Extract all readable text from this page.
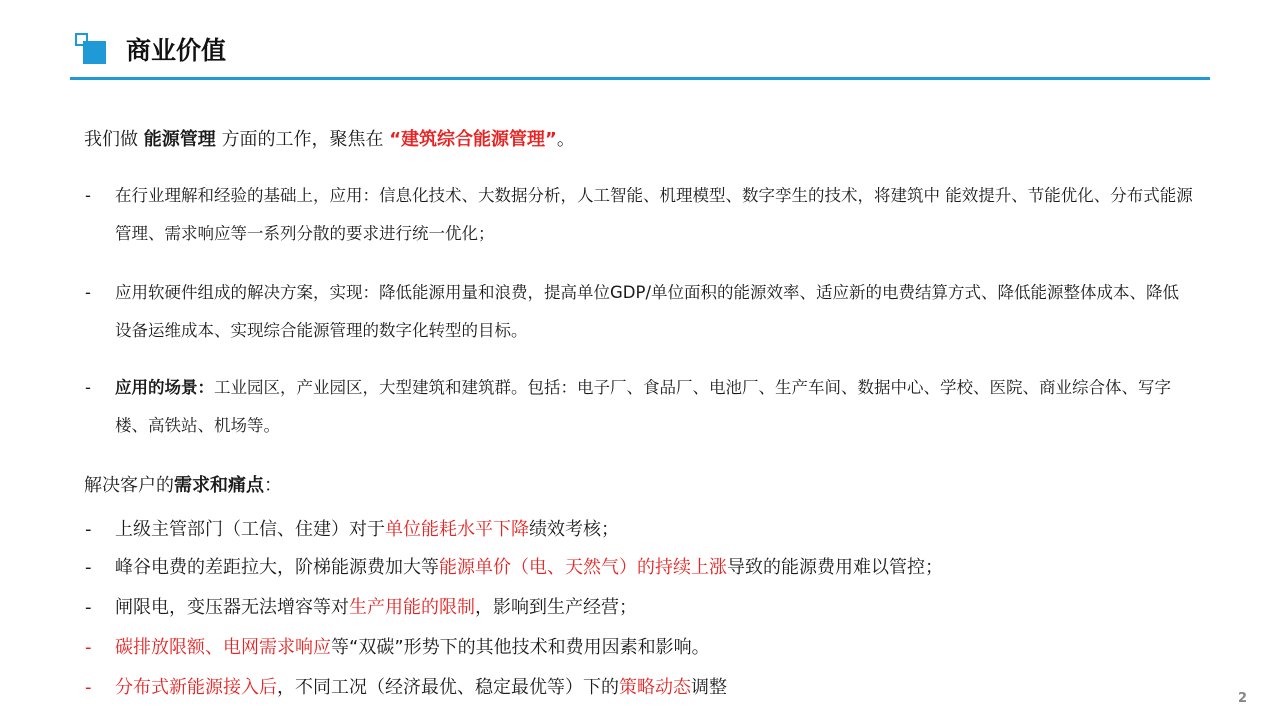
商业价值
我们做 能源管理 方面的工作，聚焦在 “建筑综合能源管理”。
- 在行业理解和经验的基础上，应用：信息化技术、大数据分析，人工智能、机理模型、数字孪生的技术，将建筑中 能效提升、节能优化、分布式能源管理、需求响应等一系列分散的要求进行统一优化；
- 应用软硬件组成的解决方案，实现：降低能源用量和浪费，提高单位GDP/单位面积的能源效率、适应新的电费结算方式、降低能源整体成本、降低设备运维成本、实现综合能源管理的数字化转型的目标。
- 应用的场景：工业园区，产业园区，大型建筑和建筑群。包括：电子厂、食品厂、电池厂、生产车间、数据中心、学校、医院、商业综合体、写字楼、高铁站、机场等。
解决客户的需求和痛点：
- 上级主管部门（工信、住建）对于单位能耗水平下降绩效考核；
- 峰谷电费的差距拉大，阶梯能源费加大等能源单价（电、天然气）的持续上涨导致的能源费用难以管控；
- 闸限电，变压器无法增容等对生产用能的限制，影响到生产经营；
- 碳排放限额、电网需求响应等“双碳”形势下的其他技术和费用因素和影响。
- 分布式新能源接入后，不同工况（经济最优、稳定最优等）下的策略动态调整
2
